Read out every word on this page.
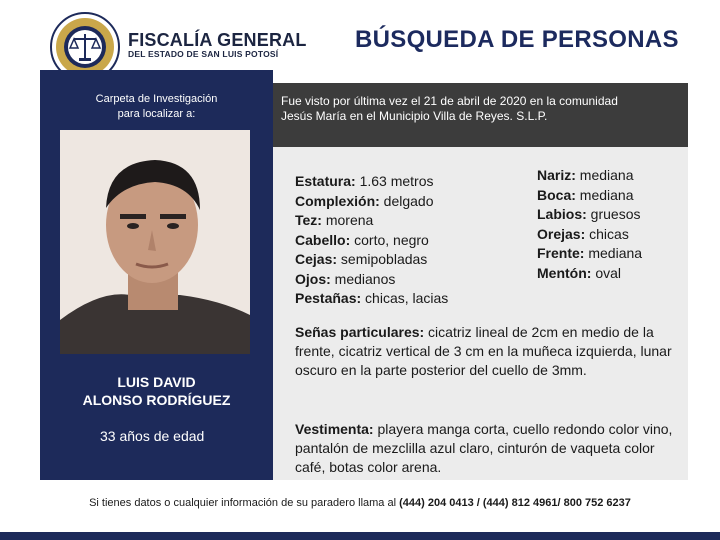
FISCALÍA GENERAL
DEL ESTADO DE SAN LUIS POTOSÍ
BÚSQUEDA DE PERSONAS
Carpeta de Investigación
para localizar a:
LUIS DAVID
ALONSO RODRÍGUEZ
33 años de edad
Fue visto por última vez el 21 de abril de 2020 en la comunidad
Jesús María en el Municipio Villa de Reyes. S.L.P.
Estatura: 1.63 metros
Complexión: delgado
Tez: morena
Cabello: corto, negro
Cejas: semipobladas
Ojos: medianos
Pestañas: chicas, lacias
Nariz: mediana
Boca: mediana
Labios: gruesos
Orejas: chicas
Frente: mediana
Mentón: oval
Señas particulares: cicatriz lineal de 2cm en medio de la frente, cicatriz vertical de 3 cm en la muñeca izquierda, lunar oscuro en la parte posterior del cuello de 3mm.
Vestimenta: playera manga corta, cuello redondo color vino, pantalón de mezclilla azul claro, cinturón de vaqueta color café, botas color arena.
Si tienes datos o cualquier información de su paradero llama al (444) 204 0413 / (444) 812 4961/ 800 752 6237
